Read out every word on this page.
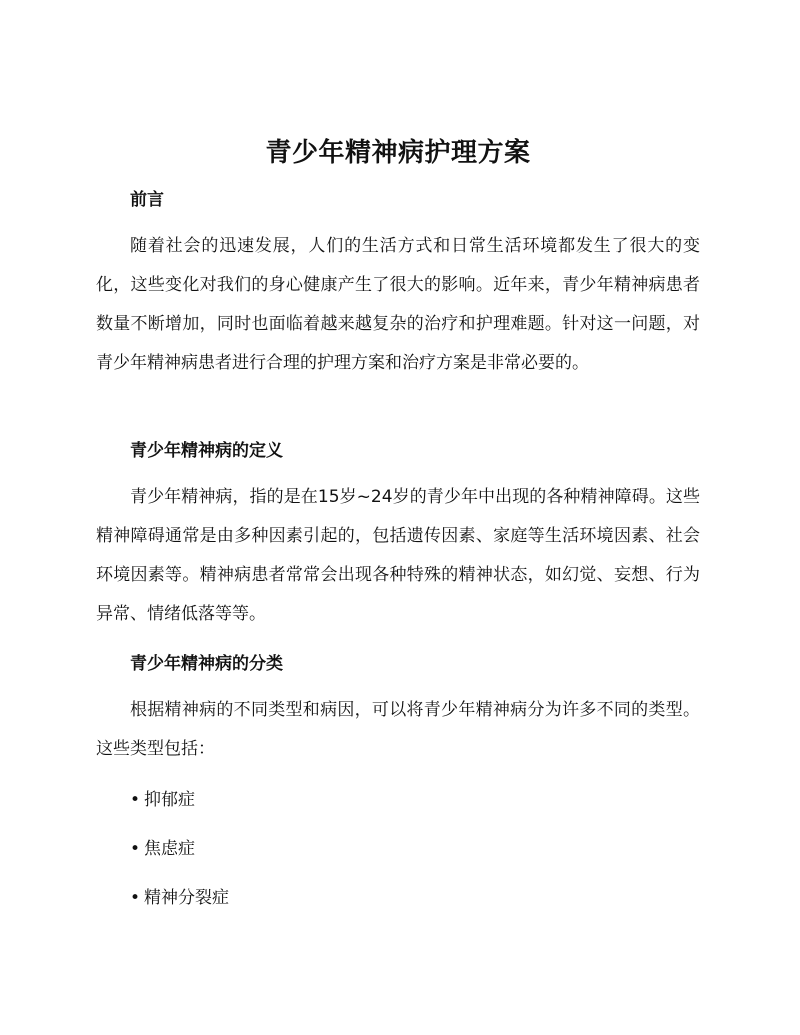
青少年精神病护理方案
前言
随着社会的迅速发展，人们的生活方式和日常生活环境都发生了很大的变化，这些变化对我们的身心健康产生了很大的影响。近年来，青少年精神病患者数量不断增加，同时也面临着越来越复杂的治疗和护理难题。针对这一问题，对青少年精神病患者进行合理的护理方案和治疗方案是非常必要的。
青少年精神病的定义
青少年精神病，指的是在15岁~24岁的青少年中出现的各种精神障碍。这些精神障碍通常是由多种因素引起的，包括遗传因素、家庭等生活环境因素、社会环境因素等。精神病患者常常会出现各种特殊的精神状态，如幻觉、妄想、行为异常、情绪低落等等。
青少年精神病的分类
根据精神病的不同类型和病因，可以将青少年精神病分为许多不同的类型。这些类型包括：
• 抑郁症
• 焦虑症
• 精神分裂症
